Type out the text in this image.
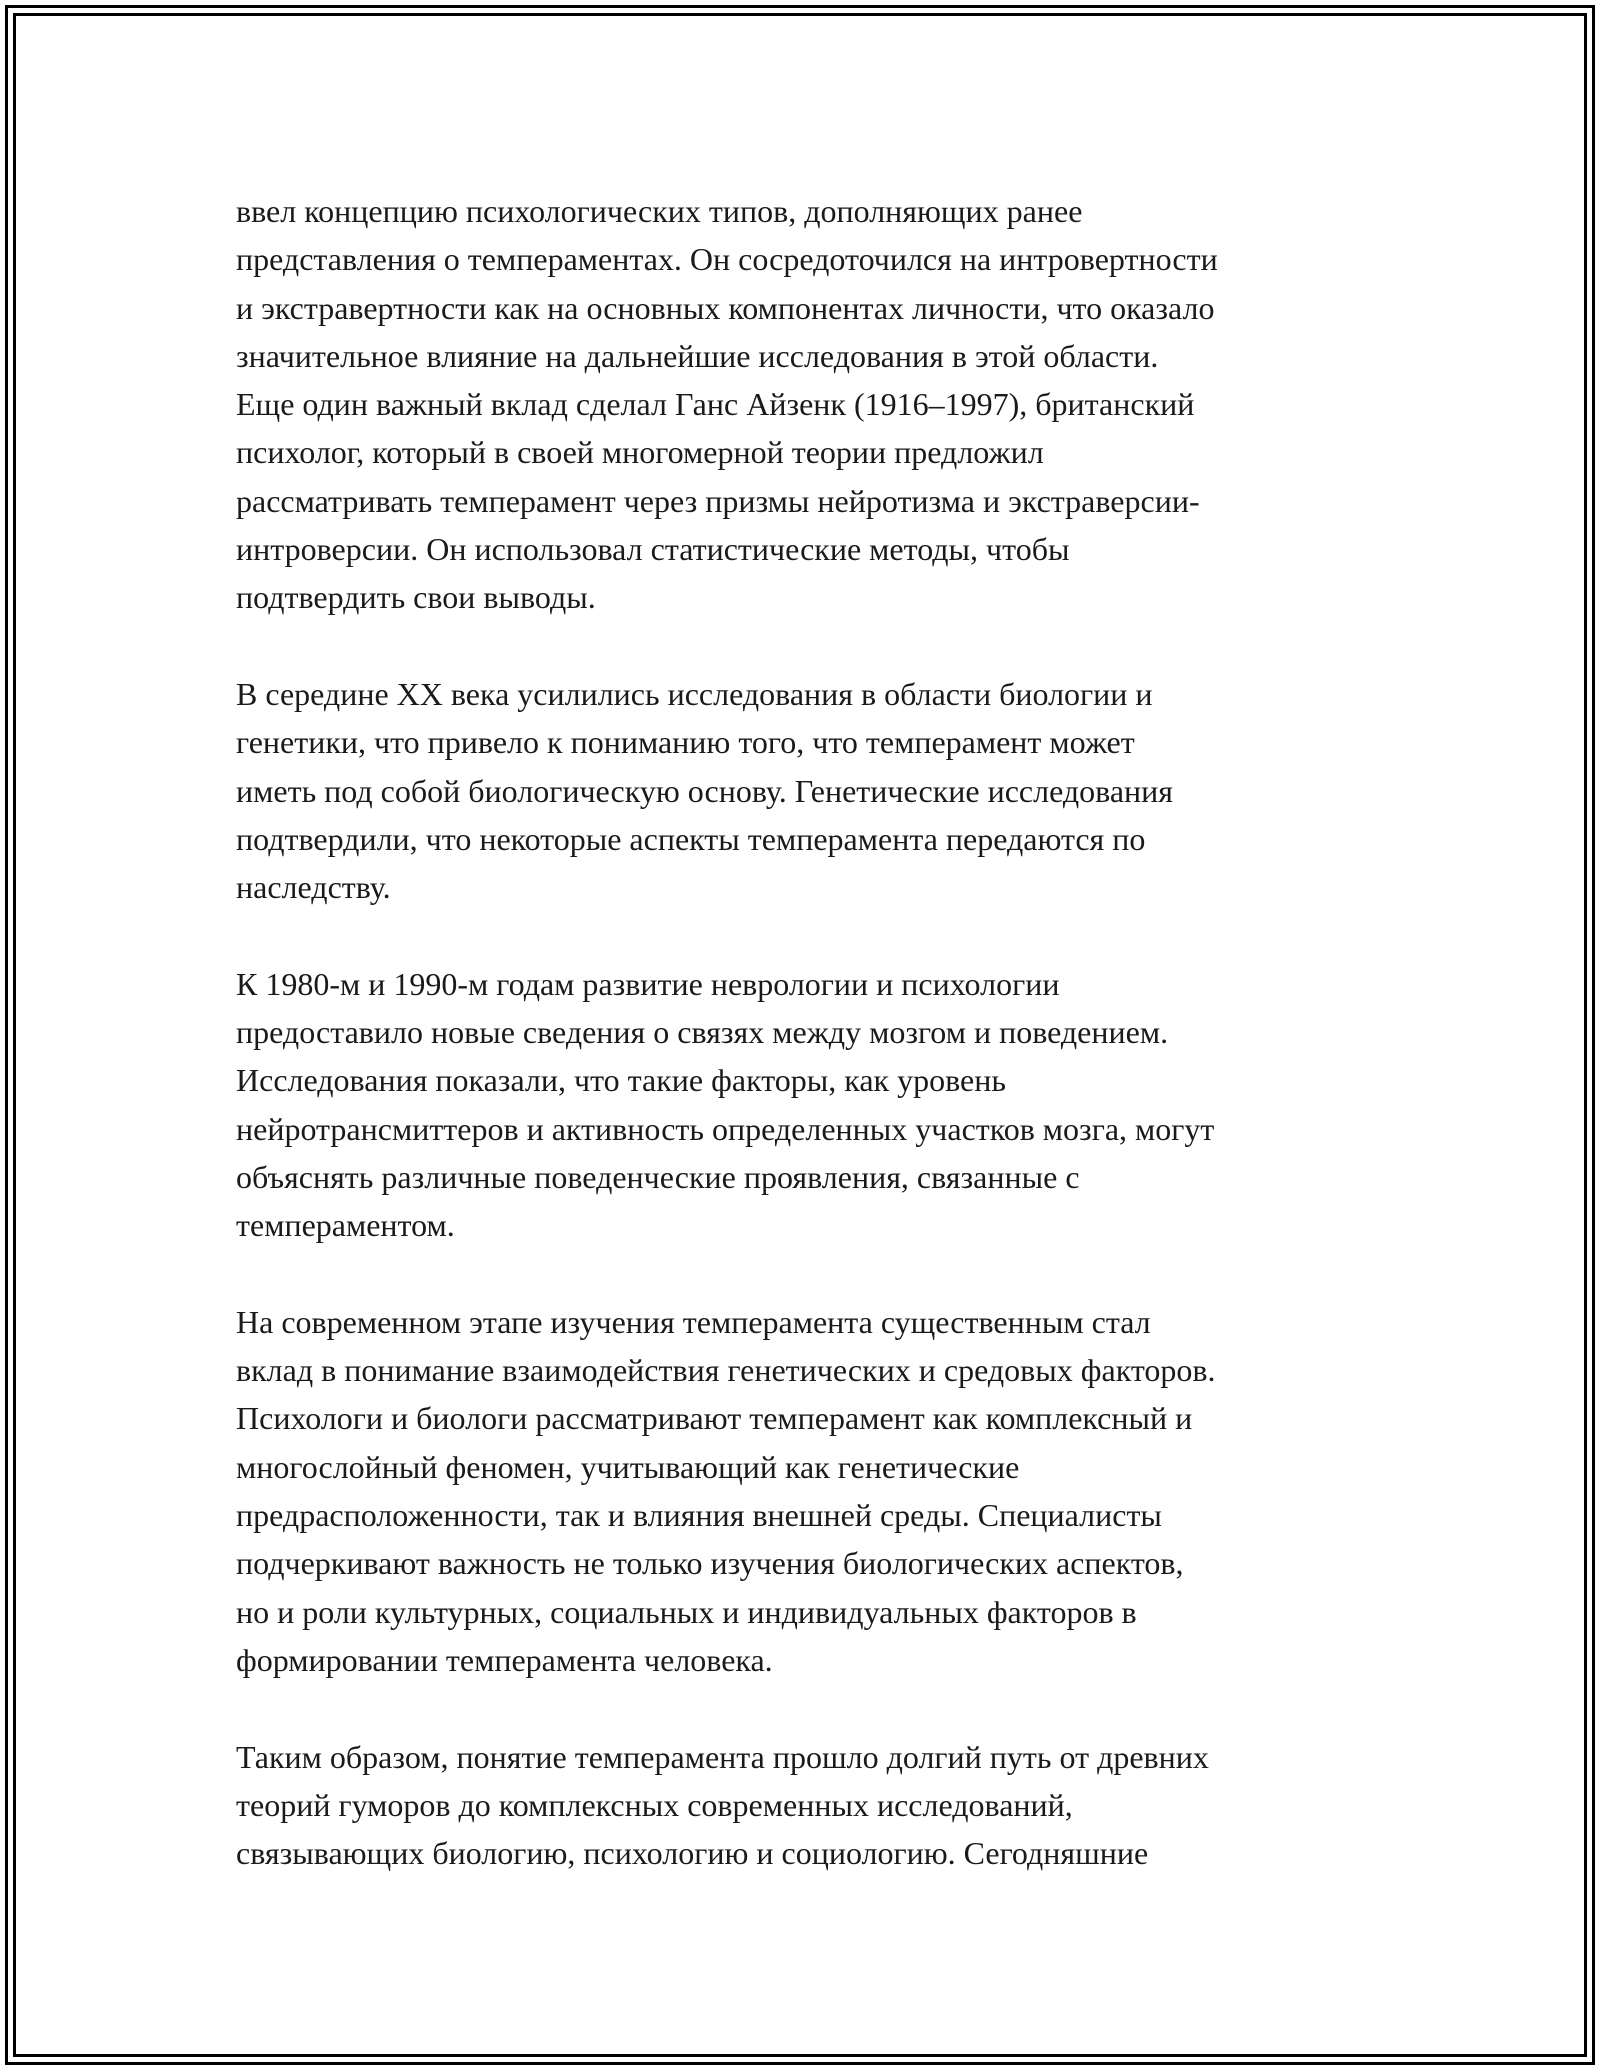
ввел концепцию психологических типов, дополняющих ранее
представления о темпераментах. Он сосредоточился на интровертности
и экстравертности как на основных компонентах личности, что оказало
значительное влияние на дальнейшие исследования в этой области.
Еще один важный вклад сделал Ганс Айзенк (1916–1997), британский
психолог, который в своей многомерной теории предложил
рассматривать темперамент через призмы нейротизма и экстраверсии-
интроверсии. Он использовал статистические методы, чтобы
подтвердить свои выводы.

В середине XX века усилились исследования в области биологии и
генетики, что привело к пониманию того, что темперамент может
иметь под собой биологическую основу. Генетические исследования
подтвердили, что некоторые аспекты темперамента передаются по
наследству.

К 1980-м и 1990-м годам развитие неврологии и психологии
предоставило новые сведения о связях между мозгом и поведением.
Исследования показали, что такие факторы, как уровень
нейротрансмиттеров и активность определенных участков мозга, могут
объяснять различные поведенческие проявления, связанные с
темпераментом.

На современном этапе изучения темперамента существенным стал
вклад в понимание взаимодействия генетических и средовых факторов.
Психологи и биологи рассматривают темперамент как комплексный и
многослойный феномен, учитывающий как генетические
предрасположенности, так и влияния внешней среды. Специалисты
подчеркивают важность не только изучения биологических аспектов,
но и роли культурных, социальных и индивидуальных факторов в
формировании темперамента человека.

Таким образом, понятие темперамента прошло долгий путь от древних
теорий гуморов до комплексных современных исследований,
связывающих биологию, психологию и социологию. Сегодняшние
